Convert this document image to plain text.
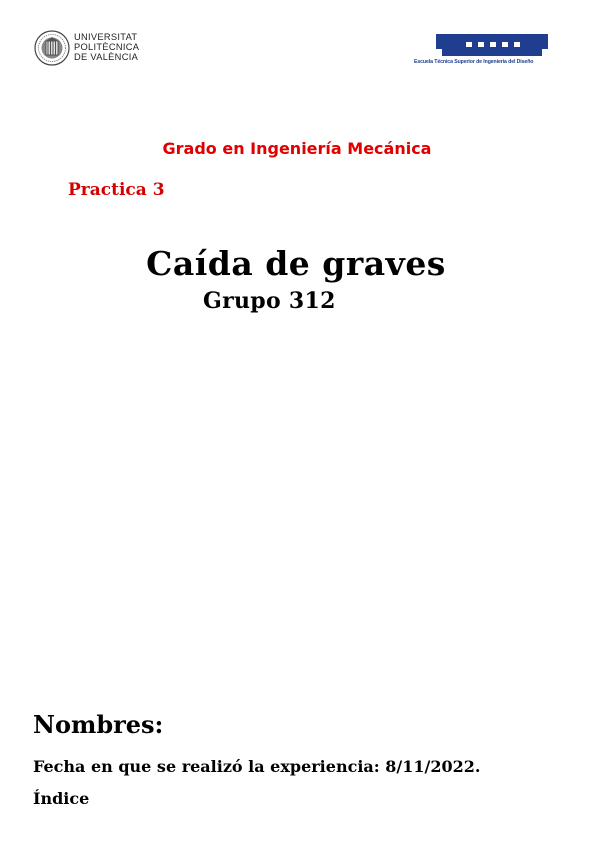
UNIVERSITAT
POLITÈCNICA
DE VALÈNCIA	Escuela Técnica Superior de Ingeniería del Diseño
Grado en Ingeniería Mecánica
Practica 3
Caída de graves
Grupo 312
Nombres:
Fecha en que se realizó la experiencia: 8/11/2022.
Índice
